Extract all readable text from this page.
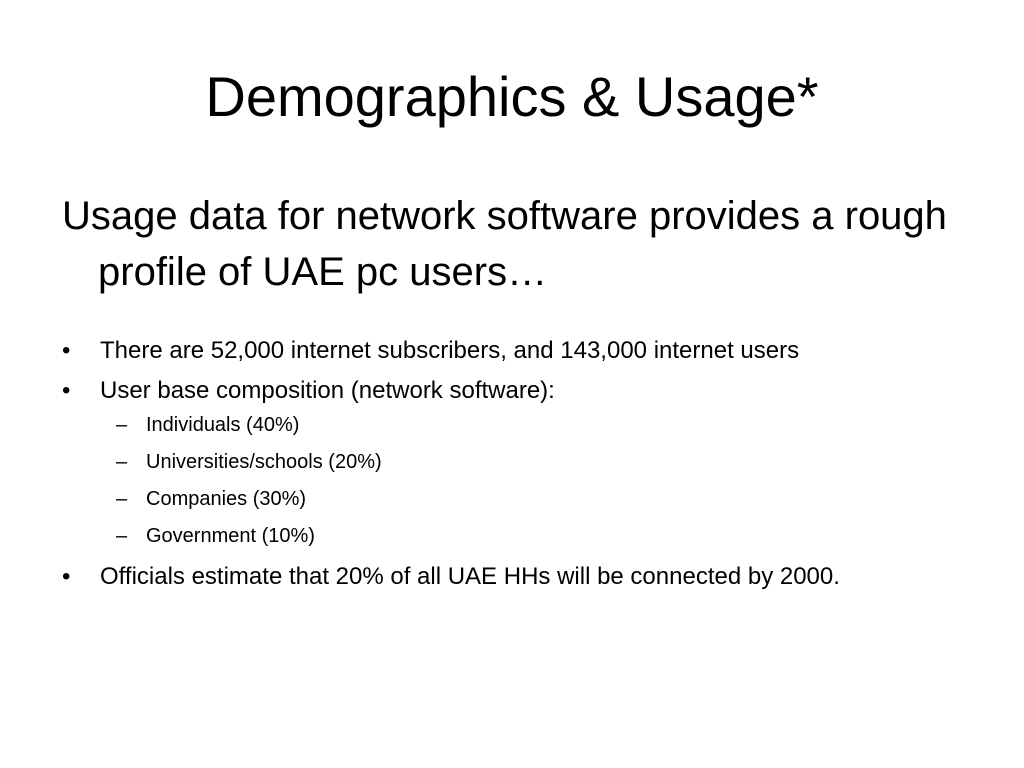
Demographics & Usage*

Usage data for network software provides a rough profile of UAE pc users…

• There are 52,000 internet subscribers, and 143,000 internet users
• User base composition (network software):
– Individuals (40%)
– Universities/schools (20%)
– Companies (30%)
– Government (10%)
• Officials estimate that 20% of all UAE HHs will be connected by 2000.
